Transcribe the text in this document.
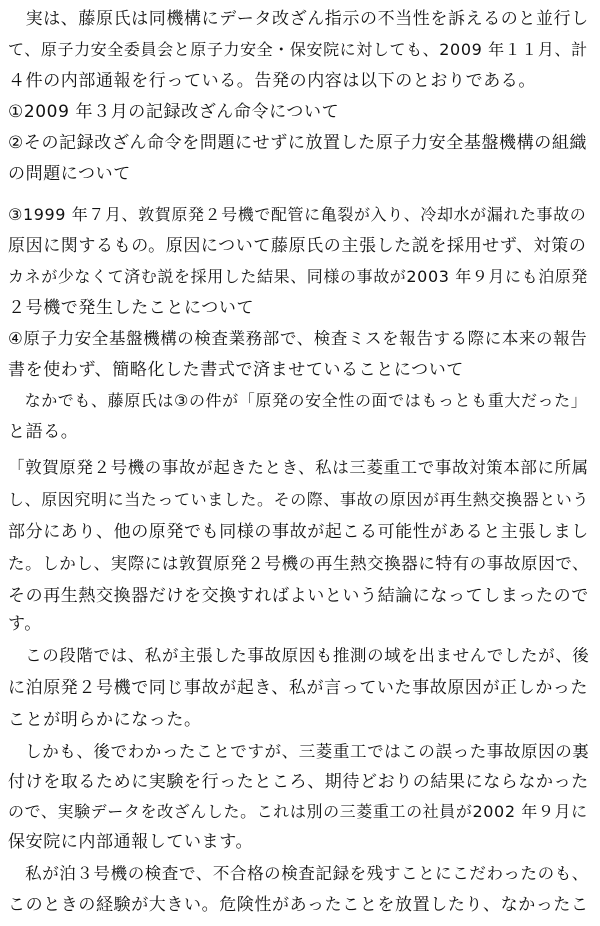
　実は、藤原氏は同機構にデータ改ざん指示の不当性を訴えるのと並行し
て、原子力安全委員会と原子力安全・保安院に対しても、2009 年１１月、計
４件の内部通報を行っている。告発の内容は以下のとおりである。
①2009 年３月の記録改ざん命令について
②その記録改ざん命令を問題にせずに放置した原子力安全基盤機構の組織
の問題について
③1999 年７月、敦賀原発２号機で配管に亀裂が入り、冷却水が漏れた事故の
原因に関するもの。原因について藤原氏の主張した説を採用せず、対策の
カネが少なくて済む説を採用した結果、同様の事故が2003 年９月にも泊原発
２号機で発生したことについて
④原子力安全基盤機構の検査業務部で、検査ミスを報告する際に本来の報告
書を使わず、簡略化した書式で済ませていることについて
　なかでも、藤原氏は③の件が「原発の安全性の面ではもっとも重大だった」
と語る。
「敦賀原発２号機の事故が起きたとき、私は三菱重工で事故対策本部に所属
し、原因究明に当たっていました。その際、事故の原因が再生熱交換器という
部分にあり、他の原発でも同様の事故が起こる可能性があると主張しまし
た。しかし、実際には敦賀原発２号機の再生熱交換器に特有の事故原因で、
その再生熱交換器だけを交換すればよいという結論になってしまったので
す。
　この段階では、私が主張した事故原因も推測の域を出ませんでしたが、後
に泊原発２号機で同じ事故が起き、私が言っていた事故原因が正しかった
ことが明らかになった。
　しかも、後でわかったことですが、三菱重工ではこの誤った事故原因の裏
付けを取るために実験を行ったところ、期待どおりの結果にならなかった
ので、実験データを改ざんした。これは別の三菱重工の社員が2002 年９月に
保安院に内部通報しています。
　私が泊３号機の検査で、不合格の検査記録を残すことにこだわったのも、
このときの経験が大きい。危険性があったことを放置したり、なかったこ
